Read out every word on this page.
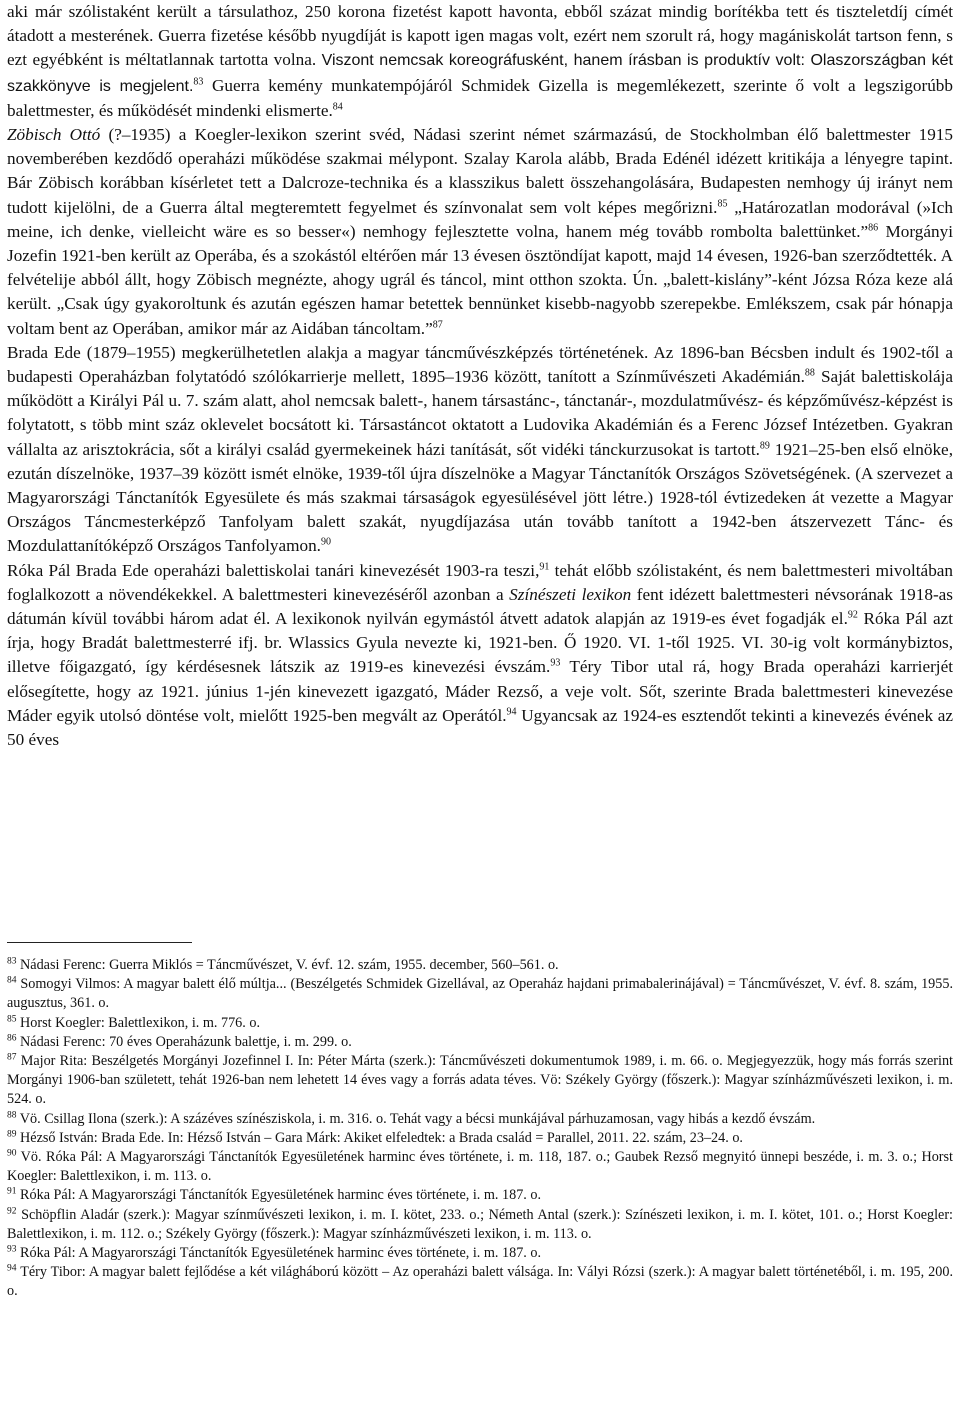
aki már szólistaként került a társulathoz, 250 korona fizetést kapott havonta, ebből százat mindig borítékba tett és tiszteletdíj címét átadott a mesterének. Guerra fizetése később nyugdíját is kapott igen magas volt, ezért nem szorult rá, hogy magániskolát tartson fenn, s ezt egyébként is méltatlannak tartotta volna. Viszont nemcsak koreográfusként, hanem írásban is produktív volt: Olaszországban két szakkönyve is megjelent.$^{83}$ Guerra kemény munkatempójáról Schmidek Gizella is megemlékezett, szerinte ő volt a legszigorúbb balettmester, és működését mindenki elismerte.$^{84}$

Zöbisch Ottó (?–1935) a Koegler-lexikon szerint svéd, Nádasi szerint német származású, de Stockholmban élő balettmester 1915 novemberében kezdődő operaházi működése szakmai mélypont. Szalay Karola alább, Brada Edénél idézett kritikája a lényegre tapint. Bár Zöbisch korábban kísérletet tett a Dalcroze-technika és a klasszikus balett összehangolására, Budapesten nemhogy új irányt nem tudott kijelölni, de a Guerra által megteremtett fegyelmet és színvonalat sem volt képes megőrizni.$^{85}$ „Határozatlan modorával (»Ich meine, ich denke, vielleicht wäre es so besser«) nemhogy fejlesztette volna, hanem még tovább rombolta balettünket.”$^{86}$ Morgányi Jozefin 1921-ben került az Operába, és a szokástól eltérően már 13 évesen ösztöndíjat kapott, majd 14 évesen, 1926-ban szerződtették. A felvételije abból állt, hogy Zöbisch megnézte, ahogy ugrál és táncol, mint otthon szokta. Ún. „balett-kislány”-ként Józsa Róza keze alá került. „Csak úgy gyakoroltunk és azután egészen hamar betettek bennünket kisebb-nagyobb szerepekbe. Emlékszem, csak pár hónapja voltam bent az Operában, amikor már az Aidában táncoltam.”$^{87}$

Brada Ede (1879–1955) megkerülhetetlen alakja a magyar táncművészképzés történetének. Az 1896-ban Bécsben indult és 1902-től a budapesti Operaházban folytatódó szólókarrierje mellett, 1895–1936 között, tanított a Színművészeti Akadémián.$^{88}$ Saját balettiskolája működött a Királyi Pál u. 7. szám alatt, ahol nemcsak balett-, hanem társastánc-, tánctanár-, mozdulatművész- és képzőművész-képzést is folytatott, s több mint száz oklevelet bocsátott ki. Társastáncot oktatott a Ludovika Akadémián és a Ferenc József Intézetben. Gyakran vállalta az arisztokrácia, sőt a királyi család gyermekeinek házi tanítását, sőt vidéki tánckurzusokat is tartott.$^{89}$ 1921–25-ben első elnöke, ezután díszelnöke, 1937–39 között ismét elnöke, 1939-től újra díszelnöke a Magyar Tánctanítók Országos Szövetségének. (A szervezet a Magyarországi Tánctanítók Egyesülete és más szakmai társaságok egyesülésével jött létre.) 1928-tól évtizedeken át vezette a Magyar Országos Táncmesterképző Tanfolyam balett szakát, nyugdíjazása után tovább tanított a 1942-ben átszervezett Tánc- és Mozdulattanítóképző Országos Tanfolyamon.$^{90}$

Róka Pál Brada Ede operaházi balettiskolai tanári kinevezését 1903-ra teszi,$^{91}$ tehát előbb szólistaként, és nem balettmesteri mivoltában foglalkozott a növendékekkel. A balettmesteri kinevezéséről azonban a Színészeti lexikon fent idézett balettmesteri névsorának 1918-as dátumán kívül további három adat él. A lexikonok nyilván egymástól átvett adatok alapján az 1919-es évet fogadják el.$^{92}$ Róka Pál azt írja, hogy Bradát balettmesterré ifj. br. Wlassics Gyula nevezte ki, 1921-ben. Ő 1920. VI. 1-től 1925. VI. 30-ig volt kormánybiztos, illetve főigazgató, így kérdésesnek látszik az 1919-es kinevezési évszám.$^{93}$ Téry Tibor utal rá, hogy Brada operaházi karrierjét elősegítette, hogy az 1921. június 1-jén kinevezett igazgató, Máder Rezső, a veje volt. Sőt, szerinte Brada balettmesteri kinevezése Máder egyik utolsó döntése volt, mielőtt 1925-ben megvált az Operától.$^{94}$ Ugyancsak az 1924-es esztendőt tekinti a kinevezés évének az 50 éves

$^{83}$ Nádasi Ferenc: Guerra Miklós = Táncművészet, V. évf. 12. szám, 1955. december, 560–561. o.

$^{84}$ Somogyi Vilmos: A magyar balett élő múltja... (Beszélgetés Schmidek Gizellával, az Operaház hajdani primabalerinájával) = Táncművészet, V. évf. 8. szám, 1955. augusztus, 361. o.

$^{85}$ Horst Koegler: Balettlexikon, i. m. 776. o.

$^{86}$ Nádasi Ferenc: 70 éves Operaházunk balettje, i. m. 299. o.

$^{87}$ Major Rita: Beszélgetés Morgányi Jozefinnel I. In: Péter Márta (szerk.): Táncművészeti dokumentumok 1989, i. m. 66. o. Megjegyezzük, hogy más forrás szerint Morgányi 1906-ban született, tehát 1926-ban nem lehetett 14 éves vagy a forrás adata téves. Vö: Székely György (főszerk.): Magyar színházművészeti lexikon, i. m. 524. o.

$^{88}$ Vö. Csillag Ilona (szerk.): A százéves színésziskola, i. m. 316. o. Tehát vagy a bécsi munkájával párhuzamosan, vagy hibás a kezdő évszám.

$^{89}$ Hézső István: Brada Ede. In: Hézső István – Gara Márk: Akiket elfeledtek: a Brada család = Parallel, 2011. 22. szám, 23–24. o.

$^{90}$ Vö. Róka Pál: A Magyarországi Tánctanítók Egyesületének harminc éves története, i. m. 118, 187. o.; Gaubek Rezső megnyitó ünnepi beszéde, i. m. 3. o.; Horst Koegler: Balettlexikon, i. m. 113. o.

$^{91}$ Róka Pál: A Magyarországi Tánctanítók Egyesületének harminc éves története, i. m. 187. o.

$^{92}$ Schöpflin Aladár (szerk.): Magyar színművészeti lexikon, i. m. I. kötet, 233. o.; Németh Antal (szerk.): Színészeti lexikon, i. m. I. kötet, 101. o.; Horst Koegler: Balettlexikon, i. m. 112. o.; Székely György (főszerk.): Magyar színházművészeti lexikon, i. m. 113. o.

$^{93}$ Róka Pál: A Magyarországi Tánctanítók Egyesületének harminc éves története, i. m. 187. o.

$^{94}$ Téry Tibor: A magyar balett fejlődése a két világháború között – Az operaházi balett válsága. In: Vályi Rózsi (szerk.): A magyar balett történetéből, i. m. 195, 200. o.
